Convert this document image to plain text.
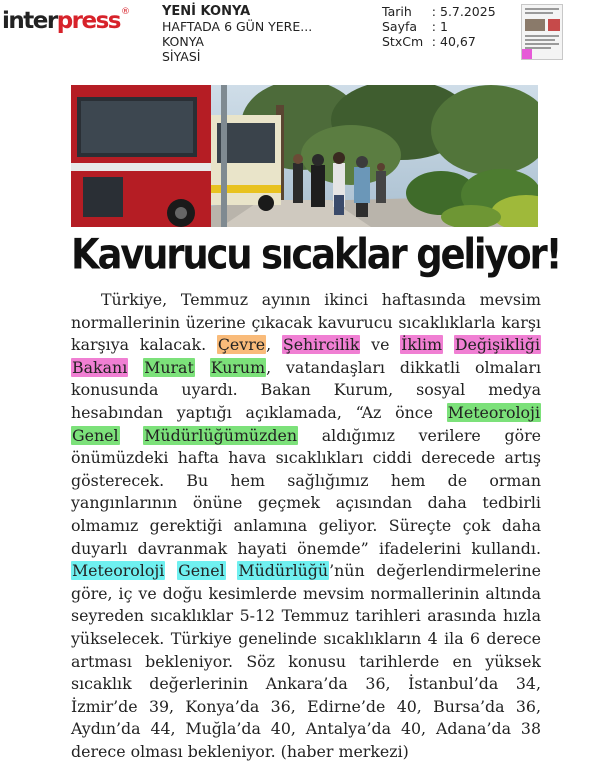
interpress ® YENİ KONYA
HAFTADA 6 GÜN YERE...
KONYA
SİYASİ
Tarih : 5.7.2025
Sayfa : 1
StxCm : 40,67
Kavurucu sıcaklar geliyor!

Türkiye, Temmuz ayının ikinci haftasında mevsim normallerinin üzerine çıkacak kavurucu sıcaklıklarla karşı karşıya kalacak. Çevre, Şehircilik ve İklim Değişikliği Bakanı Murat Kurum, vatandaşları dikkatli olmaları konusunda uyardı. Bakan Kurum, sosyal medya hesabından yaptığı açıklamada, “Az önce Meteoroloji Genel Müdürlüğümüzden aldığımız verilere göre önümüzdeki hafta hava sıcaklıkları ciddi derecede artış gösterecek. Bu hem sağlığımız hem de orman yangınlarının önüne geçmek açısından daha tedbirli olmamız gerektiği anlamına geliyor. Süreçte çok daha duyarlı davranmak hayati önemde” ifadelerini kullandı. Meteoroloji Genel Müdürlüğü’nün değerlendirmelerine göre, iç ve doğu kesimlerde mevsim normallerinin altında seyreden sıcaklıklar 5-12 Temmuz tarihleri arasında hızla yükselecek. Türkiye genelinde sıcaklıkların 4 ila 6 derece artması bekleniyor. Söz konusu tarihlerde en yüksek sıcaklık değerlerinin Ankara’da 36, İstanbul’da 34, İzmir’de 39, Konya’da 36, Edirne’de 40, Bursa’da 36, Aydın’da 44, Muğla’da 40, Antalya’da 40, Adana’da 38 derece olması bekleniyor. (haber merkezi)
